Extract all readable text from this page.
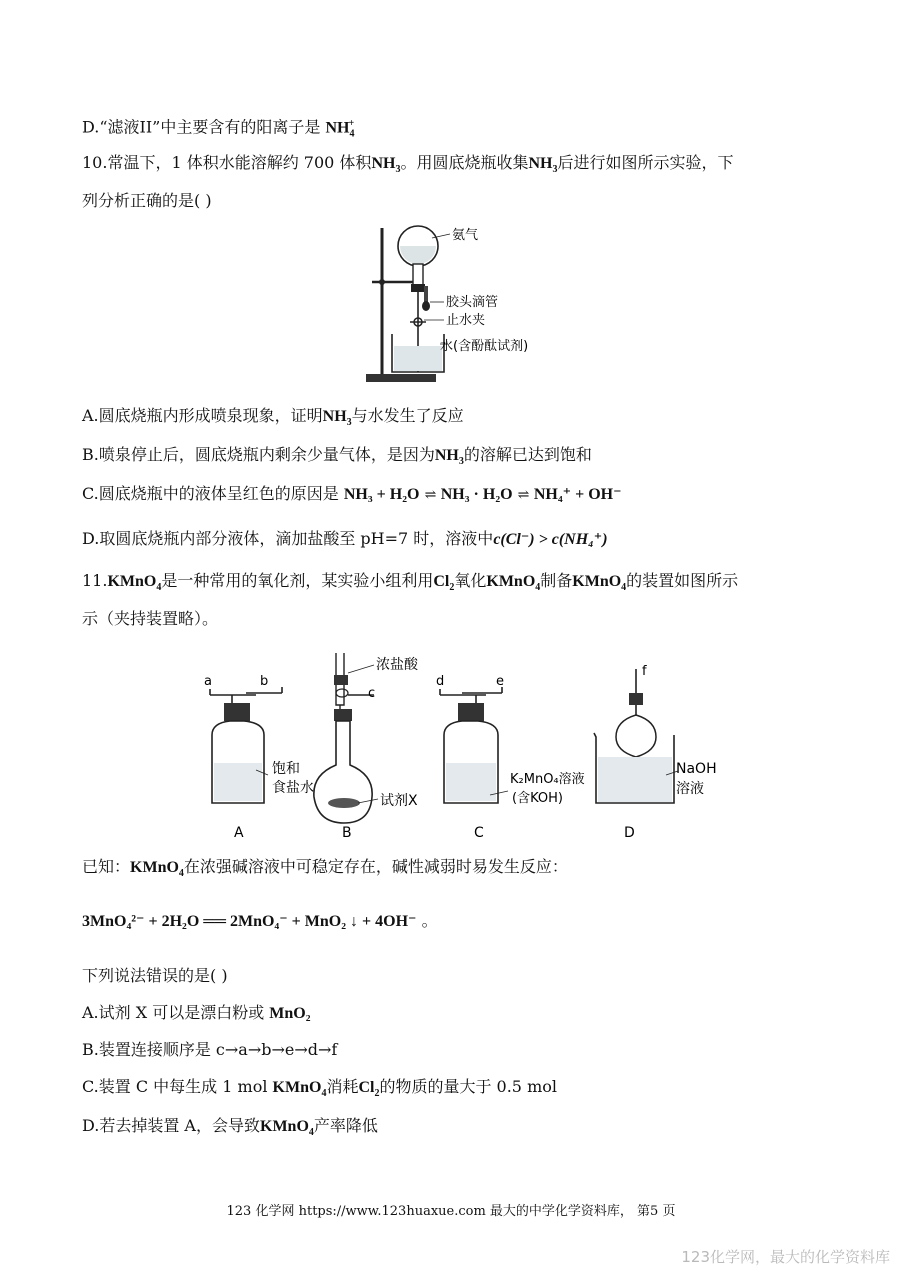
D.“滤液II”中主要含有的阳离子是 $NH_4^+$
10.常温下，1 体积水能溶解约 700 体积$NH_3$。用圆底烧瓶收集$NH_3$后进行如图所示实验，下
列分析正确的是( )
氨气
胶头滴管
止水夹
水(含酚酞试剂)
A.圆底烧瓶内形成喷泉现象，证明$NH_3$与水发生了反应
B.喷泉停止后，圆底烧瓶内剩余少量气体，是因为$NH_3$的溶解已达到饱和
C.圆底烧瓶中的液体呈红色的原因是 NH₃ + H₂O ⇌ NH₃ · H₂O ⇌ NH₄⁺ + OH⁻
D.取圆底烧瓶内部分液体，滴加盐酸至 pH=7 时，溶液中c(Cl⁻) > c(NH₄⁺)
11.KMnO$_4$是一种常用的氧化剂，某实验小组利用$Cl_2$氧化KMnO$_4$制备KMnO$_4$的装置如图所示
示（夹持装置略）。
a	b
饱和
食盐水
A
浓盐酸
c
试剂X
B
d	e
K₂MnO₄溶液
(含KOH)
C
f
NaOH
溶液
D
已知：KMnO$_4$在浓强碱溶液中可稳定存在，碱性减弱时易发生反应：
3MnO₄²⁻ + 2H₂O ══ 2MnO₄⁻ + MnO₂ ↓ + 4OH⁻ 。
下列说法错误的是( )
A.试剂 X 可以是漂白粉或 MnO₂
B.装置连接顺序是 c→a→b→e→d→f
C.装置 C 中每生成 1 mol KMnO$_4$消耗$Cl_2$的物质的量大于 0.5 mol
D.若去掉装置 A，会导致KMnO$_4$产率降低
123 化学网 https://www.123huaxue.com 最大的中学化学资料库， 第5 页
123化学网，最大的化学资料库
